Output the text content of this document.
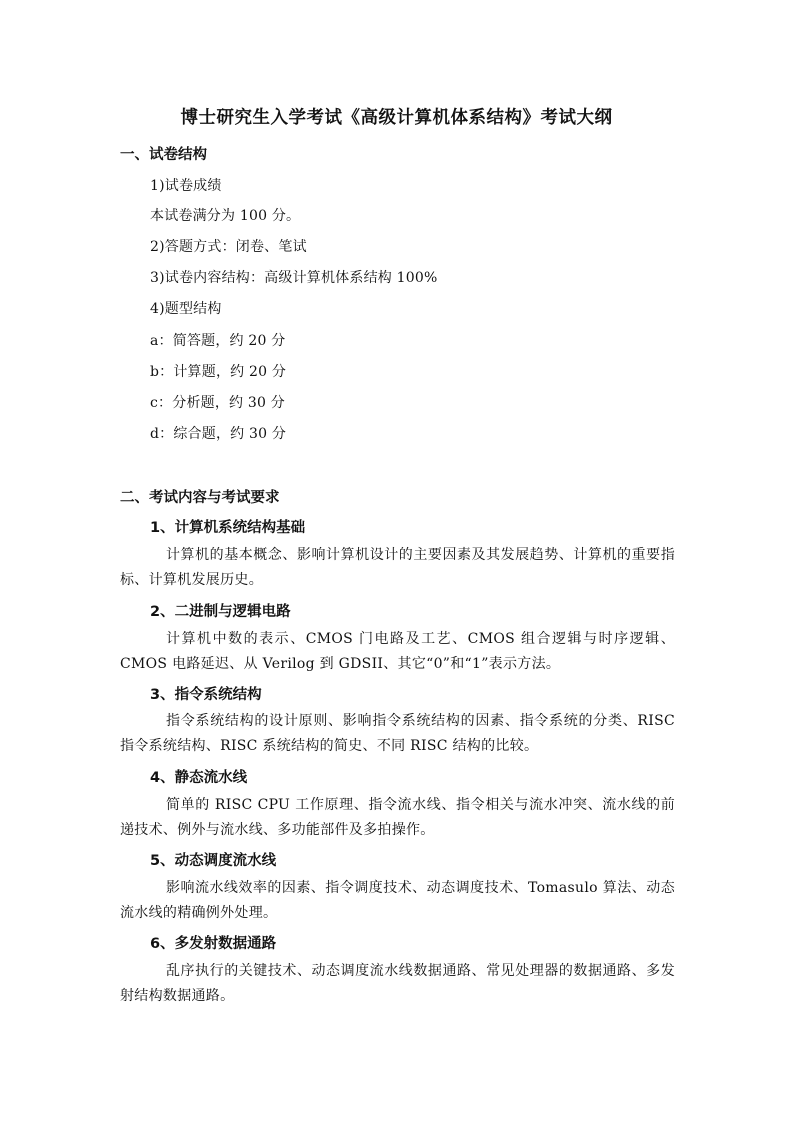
博士研究生入学考试《高级计算机体系结构》考试大纲
一、试卷结构
1)试卷成绩
本试卷满分为 100 分。
2)答题方式：闭卷、笔试
3)试卷内容结构：高级计算机体系结构 100%
4)题型结构
a：简答题，约 20 分
b：计算题，约 20 分
c：分析题，约 30 分
d：综合题，约 30 分
二、考试内容与考试要求
1、计算机系统结构基础
计算机的基本概念、影响计算机设计的主要因素及其发展趋势、计算机的重要指标、计算机发展历史。
2、二进制与逻辑电路
计算机中数的表示、CMOS 门电路及工艺、CMOS 组合逻辑与时序逻辑、CMOS 电路延迟、从 Verilog 到 GDSII、其它“0”和“1”表示方法。
3、指令系统结构
指令系统结构的设计原则、影响指令系统结构的因素、指令系统的分类、RISC 指令系统结构、RISC 系统结构的简史、不同 RISC 结构的比较。
4、静态流水线
简单的 RISC CPU 工作原理、指令流水线、指令相关与流水冲突、流水线的前递技术、例外与流水线、多功能部件及多拍操作。
5、动态调度流水线
影响流水线效率的因素、指令调度技术、动态调度技术、Tomasulo 算法、动态流水线的精确例外处理。
6、多发射数据通路
乱序执行的关键技术、动态调度流水线数据通路、常见处理器的数据通路、多发射结构数据通路。
